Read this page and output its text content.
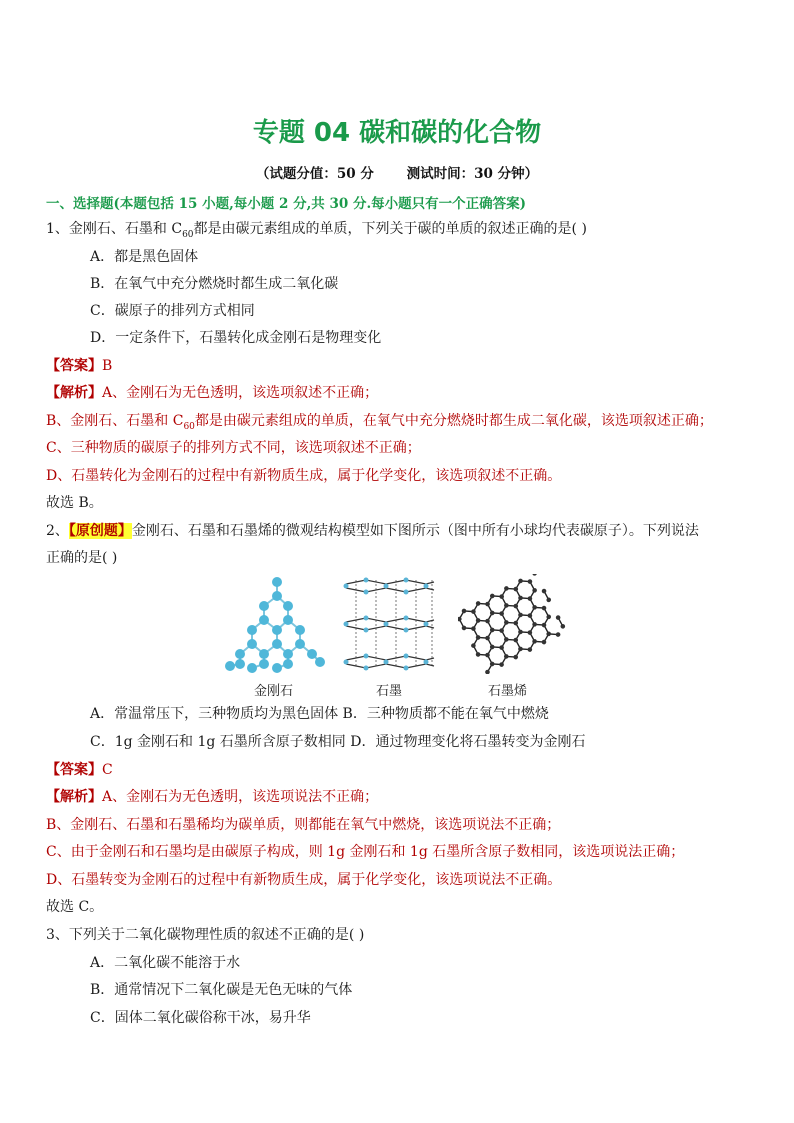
专题 04 碳和碳的化合物
（试题分值：50 分 测试时间：30 分钟）
一、选择题(本题包括 15 小题,每小题 2 分,共 30 分.每小题只有一个正确答案)
1、金刚石、石墨和 $C_{60}$都是由碳元素组成的单质，下列关于碳的单质的叙述正确的是( )
A．都是黑色固体
B．在氧气中充分燃烧时都生成二氧化碳
C．碳原子的排列方式相同
D．一定条件下，石墨转化成金刚石是物理变化
【答案】B
【解析】A、金刚石为无色透明，该选项叙述不正确；
B、金刚石、石墨和 $C_{60}$都是由碳元素组成的单质，在氧气中充分燃烧时都生成二氧化碳，该选项叙述正确；
C、三种物质的碳原子的排列方式不同，该选项叙述不正确；
D、石墨转化为金刚石的过程中有新物质生成，属于化学变化，该选项叙述不正确。
故选 B。
2、【原创题】金刚石、石墨和石墨烯的微观结构模型如下图所示（图中所有小球均代表碳原子）。下列说法
正确的是( )
金刚石	石墨	石墨烯
A．常温常压下，三种物质均为黑色固体 B．三种物质都不能在氧气中燃烧
C．1g 金刚石和 1g 石墨所含原子数相同 D．通过物理变化将石墨转变为金刚石
【答案】C
【解析】A、金刚石为无色透明，该选项说法不正确；
B、金刚石、石墨和石墨稀均为碳单质，则都能在氧气中燃烧，该选项说法不正确；
C、由于金刚石和石墨均是由碳原子构成，则 1g 金刚石和 1g 石墨所含原子数相同，该选项说法正确；
D、石墨转变为金刚石的过程中有新物质生成，属于化学变化，该选项说法不正确。
故选 C。
3、下列关于二氧化碳物理性质的叙述不正确的是( )
A．二氧化碳不能溶于水
B．通常情况下二氧化碳是无色无味的气体
C．固体二氧化碳俗称干冰，易升华
